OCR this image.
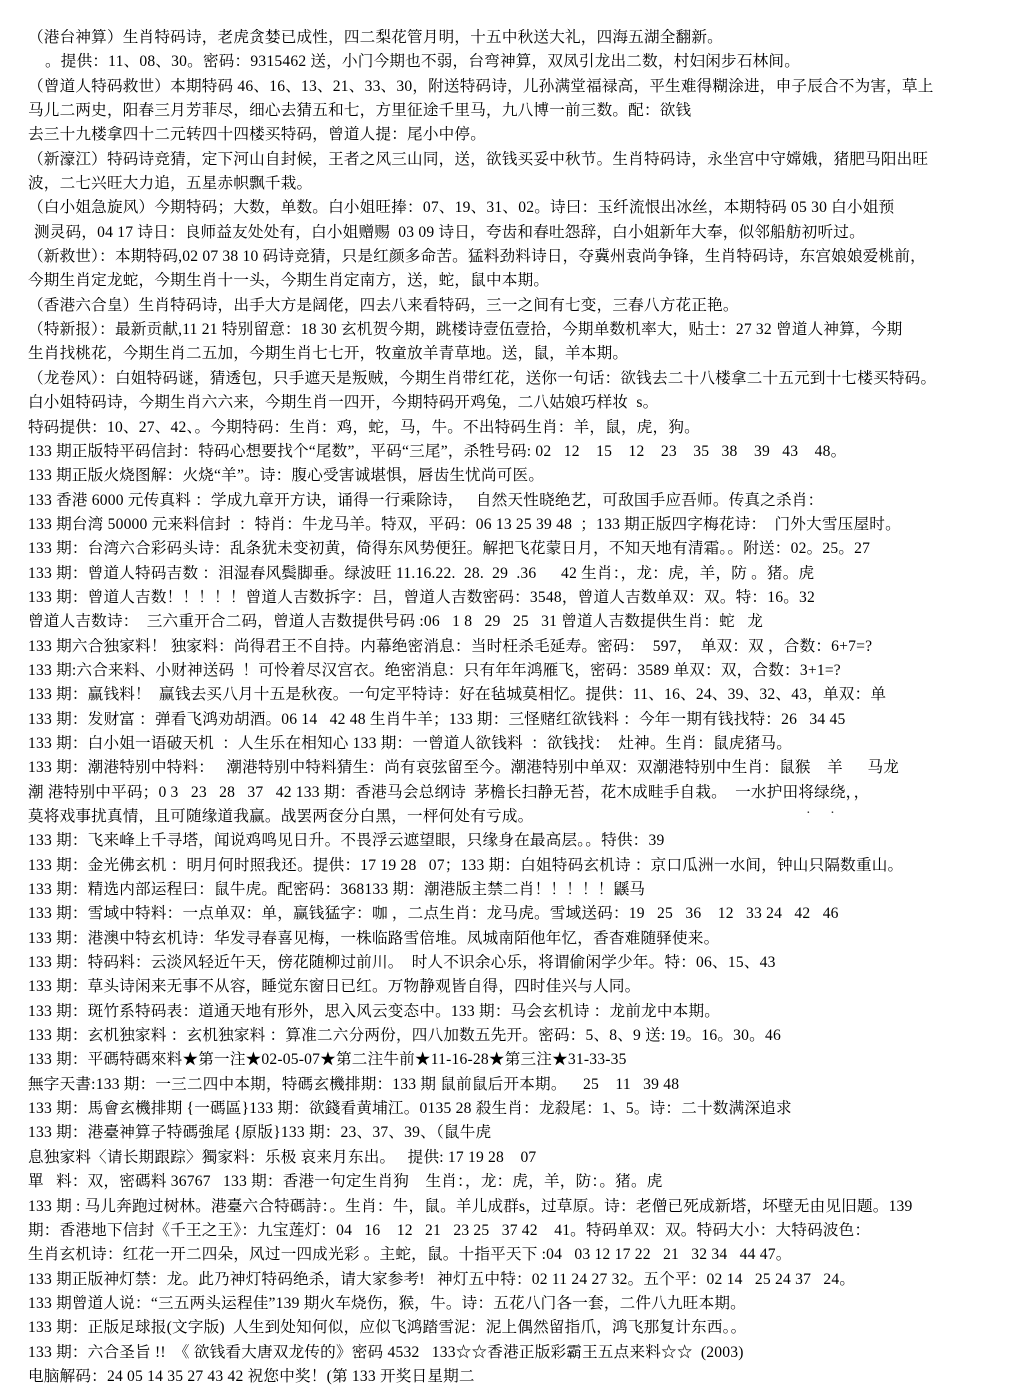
（港台神算）生肖特码诗，老虎贪婪已成性，四二梨花管月明，十五中秋送大礼，四海五湖全翻新。
。提供：11、08、30。密码：9315462 送，小门今期也不弱，台弯神算，双凤引龙出二数，村妇闲步石林间。
（曾道人特码救世）本期特码 46、16、13、21、33、30，附送特码诗，儿孙满堂福禄高，平生难得糊涂进，申子辰合不为害，草上
马儿二两史，阳春三月芳菲尽，细心去猜五和七，方里征途千里马，九八博一前三数。配：欲钱
去三十九楼拿四十二元转四十四楼买特码，曾道人提：尾小中停。
（新濠江）特码诗竞猜，定下河山自封候，王者之风三山同，送，欲钱买妥中秋节。生肖特码诗，永坐宫中守嫦娥，猪肥马阳出旺
波，二七兴旺大力追，五星赤帜飘千栽。
（白小姐急旋风）今期特码；大数，单数。白小姐旺捧：07、19、31、02。诗曰：玉纤流恨出冰丝，本期特码 05 30 白小姐预
测灵码，04 17 诗日：良师益友处处有，白小姐赠赐  03 09 诗日，夸齿和春吐怨辞，白小姐新年大奉，似邻船舫初听过。
（新救世）：本期特码,02 07 38 10 码诗竞猜，只是红颜多命苦。猛料劲料诗日，夺冀州袁尚争锋，生肖特码诗，东宫娘娘爱桃前，
今期生肖定龙蛇，今期生肖十一头，今期生肖定南方，送，蛇，鼠中本期。
（香港六合皇）生肖特码诗，出手大方是阔佬，四去八来看特码，三一之间有七变，三春八方花正艳。
（特新报）：最新贡献,11 21 特别留意：18 30 玄机贺今期，跳楼诗壹伍壹拾，今期单数机率大，贴士：27 32 曾道人神算，今期
生肖找桃花，今期生肖二五加，今期生肖七七开，牧童放羊青草地。送，鼠，羊本期。
（龙卷风）：白姐特码谜，猜透包，只手遮天是叛贼，今期生肖带红花，送你一句话：欲钱去二十八楼拿二十五元到十七楼买特码。
白小姐特码诗，今期生肖六六来，今期生肖一四开，今期特码开鸡兔，二八姑娘巧样妆  s。
特码提供：10、27、42、。今期特码：生肖：鸡，蛇，马，牛。不出特码生肖：羊，鼠，虎，狗。
133 期正版特平码信封：特码心想要找个“尾数”，平码“三尾”，杀牲号码: 02   12    15    12    23    35   38    39   43    48。
133 期正版火烧图解：火烧“羊”。诗：腹心受害诚堪惧，唇齿生忧尚可医。
133 香港 6000 元传真料 ：学成九章开方诀，诵得一行乘除诗，   自然天性晓绝艺，可敌国手应吾师。传真之杀肖：
133 期台湾 50000 元来料信封  ：特肖：牛龙马羊。特双，平码：06 13 25 39 48  ；133 期正版四字梅花诗：  门外大雪压屋时。
133 期：台湾六合彩码头诗：乱条犹未变初黄，倚得东风势便狂。解把飞花蒙日月，不知天地有清霜。。附送：02。25。27
133 期：曾道人特码吉数 ：泪湿春风鬓脚垂。绿波旺 11.16.22.  28.  29  .36      42 生肖：，龙：虎，羊，防 。猪。虎
133 期：曾道人吉数！！！！！曾道人吉数拆字：吕，曾道人吉数密码：3548，曾道人吉数单双：双。特：16。32
曾道人吉数诗：  三六重开合二码，曾道人吉数提供号码 :06   1 8   29   25   31 曾道人吉数提供生肖：蛇   龙
133 期六合独家料！ 独家料：尚得君王不自持。内幕绝密消息：当时枉杀毛延寿。密码：  597，  单双：双 ，合数：6+7=?
133 期:六合来料、小财神送码  ！可怜着尽汉宫衣。绝密消息：只有年年鸿雁飞，密码：3589 单双：双，合数：3+1=?
133 期：赢钱料！  赢钱去买八月十五是秋夜。一句定平特诗：好在毡城莫相忆。提供：11、16、24、39、32、43，单双：单
133 期：发财富 ：弹看飞鸿劝胡酒。06 14   42 48 生肖牛羊；133 期：三怪赌红欲钱料 ：今年一期有钱找特：26   34 45
133 期：白小姐一语破天机  ：人生乐在相知心 133 期：一曾道人欲钱料  ：欲钱找：  灶神。生肖：鼠虎猪马。
133 期：潮港特别中特料：   潮港特别中特料猜生：尚有哀弦留至今。潮港特别中单双：双潮港特别中生肖：鼠猴    羊      马龙
潮 港特别中平码；0 3   23   28   37   42 133 期：香港马会总纲诗  茅檐长扫静无苔，花木成畦手自栽。  一水护田将绿绕，，
莫将戏事扰真情，且可随缘道我赢。战罢两奁分白黑，一枰何处有亏成。
133 期：飞来峰上千寻塔，闻说鸡鸣见日升。不畏浮云遮望眼，只缘身在最高层。。特供：39
133 期：金光佛玄机 ：明月何时照我还。提供：17 19 28   07；133 期：白姐特码玄机诗 ：京口瓜洲一水间，钟山只隔数重山。
133 期：精选内部运程曰：鼠牛虎。配密码：368133 期：潮港版主禁二肖！！！！！鼷马
133 期：雪域中特料：一点单双：单，赢钱猛字：咖 ，二点生肖：龙马虎。雪域送码：19   25   36    12   33 24   42   46
133 期：港澳中特玄机诗：华发寻春喜见梅，一株临路雪倍堆。凤城南陌他年忆，香杳难随驿使来。
133 期：特码料：云淡风轻近午天，傍花随柳过前川。  时人不识余心乐，将谓偷闲学少年。特：06、15、43
133 期：草头诗闲来无事不从容，睡觉东窗日已红。万物静观皆自得，四时佳兴与人同。
133 期：斑竹系特码表：道通天地有形外，思入风云变态中。133 期：马会玄机诗 ：龙前龙中本期。
133 期：玄机独家料 ：玄机独家料 ：算准二六分两份，四八加数五先开。密码：5、8、9 送: 19。16。30。46
133 期：平碼特碼來料★第一注★02-05-07★第二注牛前★11-16-28★第三注★31-33-35
無字天書:133 期：一三二四中本期，特碼玄機排期：133 期 鼠前鼠后开本期。    25    11   39 48
133 期：馬會玄機排期 {一碼區}133 期：欲錢看黄埔江。0135 28 殺生肖：龙殺尾：1、5。诗：二十数满深追求
133 期：港臺神算子特碼強尾 {原版}133 期：23、37、39、（鼠牛虎
息独家料〈请长期跟踪〉獨家料：乐极 哀来月东出。   提供: 17 19 28    07
單   料：双，密碼料 36767   133 期：香港一句定生肖狗    生肖：，龙：虎，羊，防：。猪。虎
133 期 : 马儿奔跑过树林。港臺六合特碼詩：。生肖：牛，鼠。羊儿成群s，过草原。诗：老僧已死成新塔，坏壁无由见旧题。139
期：香港地下信封《千王之王》：九宝莲灯：04   16    12   21   23 25   37 42    41。特码单双：双。特码大小：大特码波色：
生肖玄机诗：红花一开二四朵，风过一四成光彩 。主蛇，鼠。十指平天下 :04   03 12 17 22   21   32 34   44 47。
133 期正版神灯禁：龙。此乃神灯特码绝杀，请大家参考!   神灯五中特：02 11 24 27 32。五个平：02 14   25 24 37   24。
133 期曾道人说：“三五两头运程佳”139 期火车烧伤，猴，牛。诗：五花八门各一套，二件八九旺本期。
133 期：正版足球报(文字版)  人生到处知何似，应似飞鸿踏雪泥：泥上偶然留指爪，鸿飞那复计东西。。
133 期：六合圣旨 !!  《 欲钱看大唐双龙传的》密码 4532   133☆☆香港正版彩霸王五点来料☆☆  (2003)
电脑解码：24 05 14 35 27 43 42 祝您中奖！(第 133 开奖日星期二
· ·
